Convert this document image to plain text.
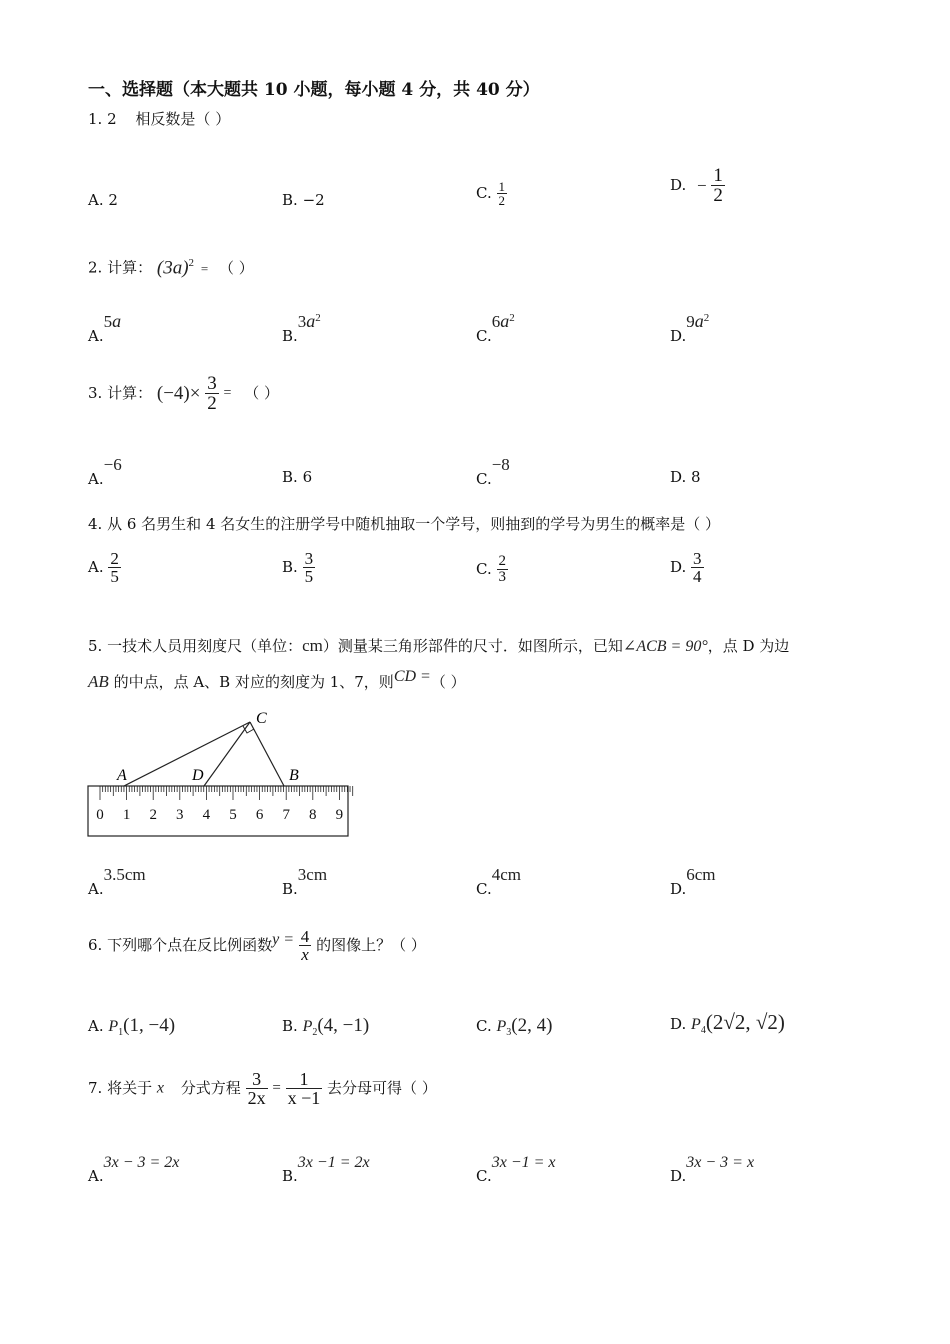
一、选择题（本大题共 10 小题，每小题 4 分，共 40 分）
1. 2 相反数是（ ）
A. 2	B. −2	C. $\frac{1}{2}$	D. − $\frac{1}{2}$
2. 计算： $(3a)^2$ = （ ）
A.5a
$B.3a^2$
$C.6a^2$
$D.9a^2$
3. 计算： $(-4)\times \frac{3}{2}$ = （ ）
A.−6
B. 6	C.−8
D. 8
4. 从 6 名男生和 4 名女生的注册学号中随机抽取一个学号，则抽到的学号为男生的概率是（ ）
A. $\frac{2}{5}$	B. $\frac{3}{5}$	C. $\frac{2}{3}$	D. $\frac{3}{4}$
5. 一技术人员用刻度尺（单位：cm）测量某三角形部件的尺寸．如图所示，已知∠ACB = 90°，点 D 为边
AB 的中点，点 A、B 对应的刻度为 1、7，则CD =（ ）
0 1 2 3 4 5 6 7 8 9
A	D	B
C
A.3.5cm
B.3cm
C.4cm
D.6cm
6. 下列哪个点在反比例函数$y = \frac{4}{x}$ 的图像上？（ ）
A. $P_1(1$, −4)	B. $P_2(4$, −1)	C. $P_3(2$, 4)	D. $P_4(2√2$, √2)
7. 将关于 x 分式方程 $\frac{3}{2x} = \frac{1}{x -1}$ 去分母可得（ ）
A.3x − 3 = 2x
B.3x −1 = 2x
C.3x −1 = x
D.3x − 3 = x
